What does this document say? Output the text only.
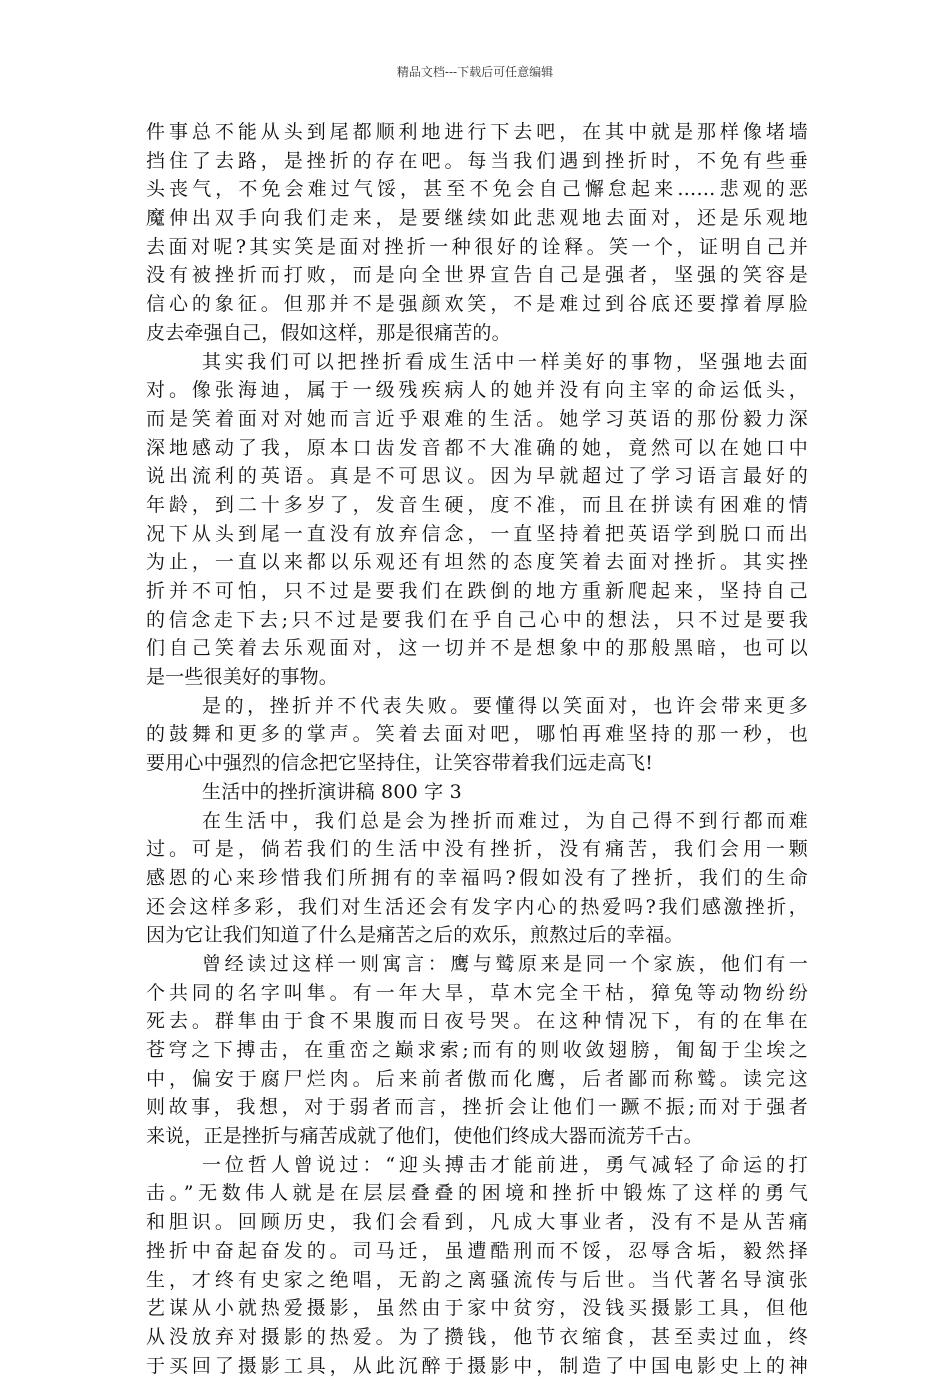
精品文档---下载后可任意编辑
件事总不能从头到尾都顺利地进行下去吧，在其中就是那样像堵墙
挡住了去路，是挫折的存在吧。每当我们遇到挫折时，不免有些垂
头丧气，不免会难过气馁，甚至不免会自己懈怠起来……悲观的恶
魔伸出双手向我们走来，是要继续如此悲观地去面对，还是乐观地
去面对呢?其实笑是面对挫折一种很好的诠释。笑一个，证明自己并
没有被挫折而打败，而是向全世界宣告自己是强者，坚强的笑容是
信心的象征。但那并不是强颜欢笑，不是难过到谷底还要撑着厚脸
皮去牵强自己，假如这样，那是很痛苦的。
其实我们可以把挫折看成生活中一样美好的事物，坚强地去面
对。像张海迪，属于一级残疾病人的她并没有向主宰的命运低头，
而是笑着面对对她而言近乎艰难的生活。她学习英语的那份毅力深
深地感动了我，原本口齿发音都不大准确的她，竟然可以在她口中
说出流利的英语。真是不可思议。因为早就超过了学习语言最好的
年龄，到二十多岁了，发音生硬，度不准，而且在拼读有困难的情
况下从头到尾一直没有放弃信念，一直坚持着把英语学到脱口而出
为止，一直以来都以乐观还有坦然的态度笑着去面对挫折。其实挫
折并不可怕，只不过是要我们在跌倒的地方重新爬起来，坚持自己
的信念走下去;只不过是要我们在乎自己心中的想法，只不过是要我
们自己笑着去乐观面对，这一切并不是想象中的那般黑暗，也可以
是一些很美好的事物。
是的，挫折并不代表失败。要懂得以笑面对，也许会带来更多
的鼓舞和更多的掌声。笑着去面对吧，哪怕再难坚持的那一秒，也
要用心中强烈的信念把它坚持住，让笑容带着我们远走高飞!
生活中的挫折演讲稿 800 字 3
在生活中，我们总是会为挫折而难过，为自己得不到行都而难
过。可是，倘若我们的生活中没有挫折，没有痛苦，我们会用一颗
感恩的心来珍惜我们所拥有的幸福吗?假如没有了挫折，我们的生命
还会这样多彩，我们对生活还会有发字内心的热爱吗?我们感激挫折，
因为它让我们知道了什么是痛苦之后的欢乐，煎熬过后的幸福。
曾经读过这样一则寓言：鹰与鹫原来是同一个家族，他们有一
个共同的名字叫隼。有一年大旱，草木完全干枯，獐兔等动物纷纷
死去。群隼由于食不果腹而日夜号哭。在这种情况下，有的在隼在
苍穹之下搏击，在重峦之巅求索;而有的则收敛翅膀，匍匐于尘埃之
中，偏安于腐尸烂肉。后来前者傲而化鹰，后者鄙而称鹫。读完这
则故事，我想，对于弱者而言，挫折会让他们一蹶不振;而对于强者
来说，正是挫折与痛苦成就了他们，使他们终成大器而流芳千古。
一位哲人曾说过：“迎头搏击才能前进，勇气减轻了命运的打
击。”无数伟人就是在层层叠叠的困境和挫折中锻炼了这样的勇气
和胆识。回顾历史，我们会看到，凡成大事业者，没有不是从苦痛
挫折中奋起奋发的。司马迁，虽遭酷刑而不馁，忍辱含垢，毅然择
生，才终有史家之绝唱，无韵之离骚流传与后世。当代著名导演张
艺谋从小就热爱摄影，虽然由于家中贫穷，没钱买摄影工具，但他
从没放弃对摄影的热爱。为了攒钱，他节衣缩食，甚至卖过血，终
于买回了摄影工具，从此沉醉于摄影中，制造了中国电影史上的神
